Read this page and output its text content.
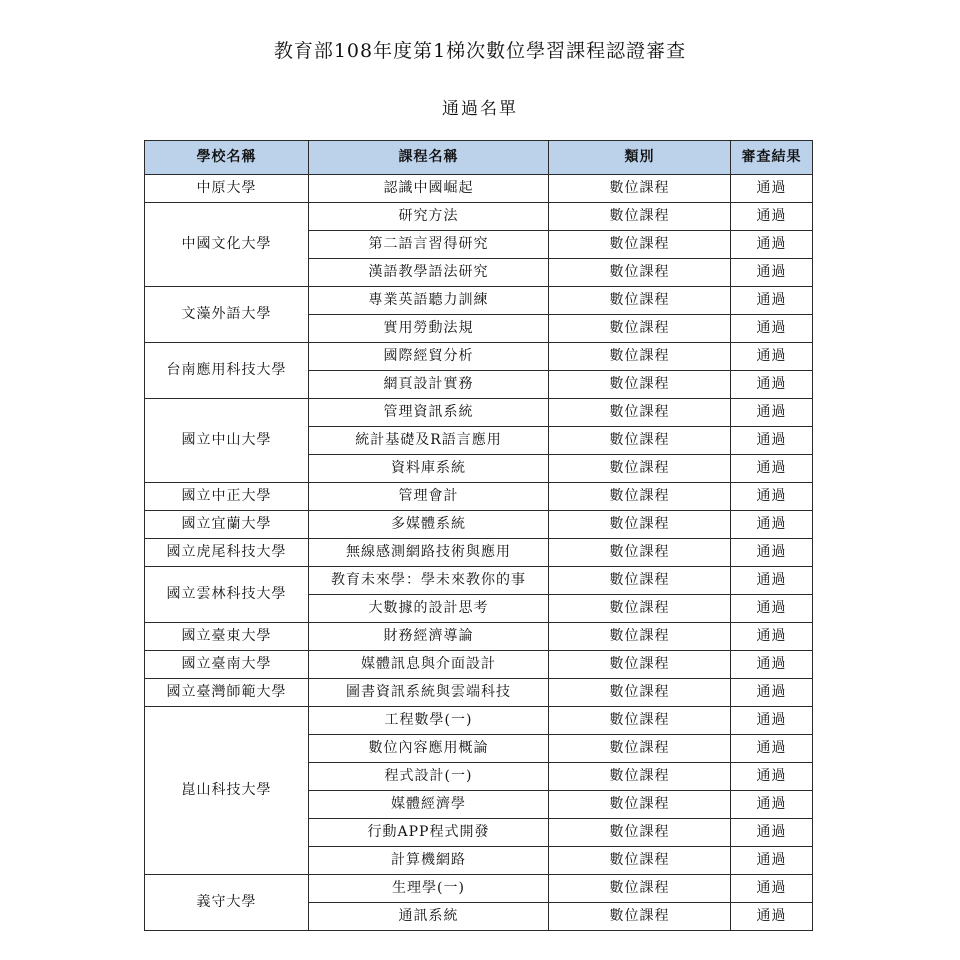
教育部108年度第1梯次數位學習課程認證審查
通過名單
學校名稱	課程名稱	類別	審查結果
中原大學	認識中國崛起	數位課程	通過
中國文化大學	研究方法	數位課程	通過
	第二語言習得研究	數位課程	通過
	漢語教學語法研究	數位課程	通過
文藻外語大學	專業英語聽力訓練	數位課程	通過
	實用勞動法規	數位課程	通過
台南應用科技大學	國際經貿分析	數位課程	通過
	網頁設計實務	數位課程	通過
國立中山大學	管理資訊系統	數位課程	通過
	統計基礎及R語言應用	數位課程	通過
	資料庫系統	數位課程	通過
國立中正大學	管理會計	數位課程	通過
國立宜蘭大學	多媒體系統	數位課程	通過
國立虎尾科技大學	無線感測網路技術與應用	數位課程	通過
國立雲林科技大學	教育未來學：學未來教你的事	數位課程	通過
	大數據的設計思考	數位課程	通過
國立臺東大學	財務經濟導論	數位課程	通過
國立臺南大學	媒體訊息與介面設計	數位課程	通過
國立臺灣師範大學	圖書資訊系統與雲端科技	數位課程	通過
崑山科技大學	工程數學(一)	數位課程	通過
	數位內容應用概論	數位課程	通過
	程式設計(一)	數位課程	通過
	媒體經濟學	數位課程	通過
	行動APP程式開發	數位課程	通過
	計算機網路	數位課程	通過
義守大學	生理學(一)	數位課程	通過
	通訊系統	數位課程	通過
